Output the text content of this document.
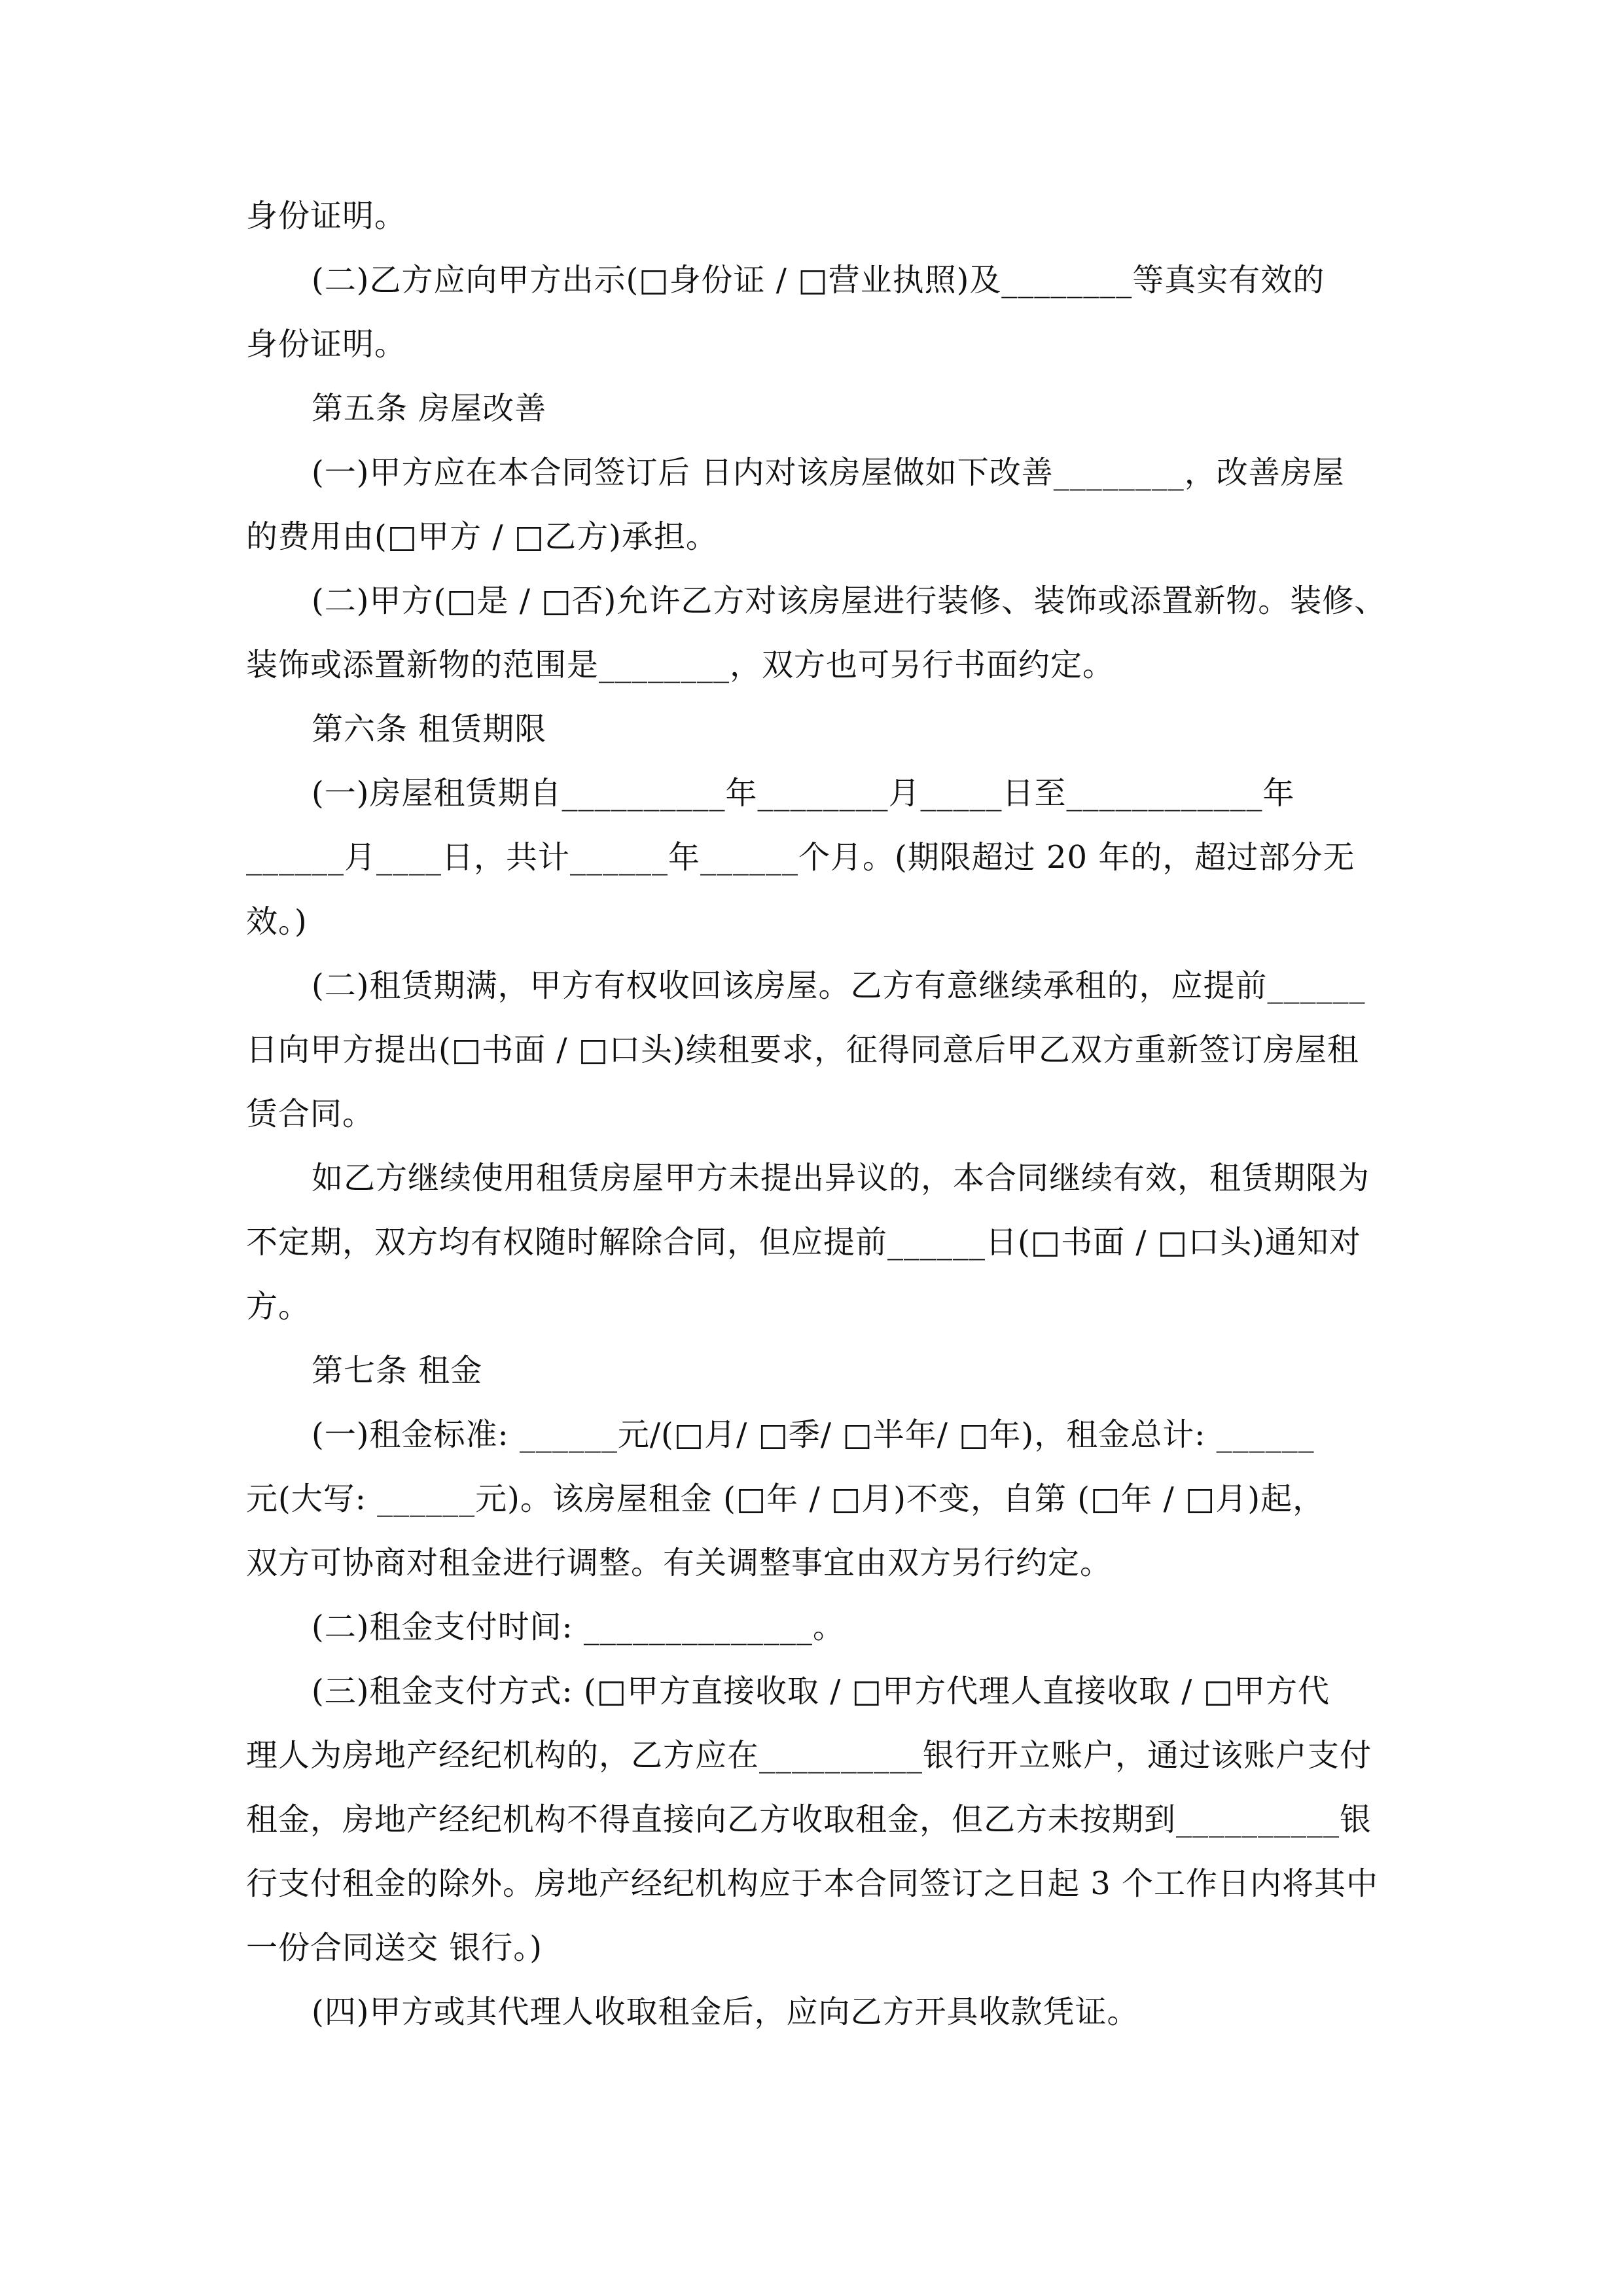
身份证明。
(二)乙方应向甲方出示(□身份证 / □营业执照)及________等真实有效的
身份证明。
第五条 房屋改善
(一)甲方应在本合同签订后 日内对该房屋做如下改善________，改善房屋
的费用由(□甲方 / □乙方)承担。
(二)甲方(□是 / □否)允许乙方对该房屋进行装修、装饰或添置新物。装修、
装饰或添置新物的范围是________，双方也可另行书面约定。
第六条 租赁期限
(一)房屋租赁期自__________年________月_____日至____________年
______月____日，共计______年______个月。(期限超过 20 年的，超过部分无
效。)
(二)租赁期满，甲方有权收回该房屋。乙方有意继续承租的，应提前______
日向甲方提出(□书面 / □口头)续租要求，征得同意后甲乙双方重新签订房屋租
赁合同。
如乙方继续使用租赁房屋甲方未提出异议的，本合同继续有效，租赁期限为
不定期，双方均有权随时解除合同，但应提前______日(□书面 / □口头)通知对
方。
第七条 租金
(一)租金标准: ______元/(□月/ □季/ □半年/ □年)，租金总计: ______
元(大写: ______元)。该房屋租金 (□年 / □月)不变，自第 (□年 / □月)起，
双方可协商对租金进行调整。有关调整事宜由双方另行约定。
(二)租金支付时间: ______________。
(三)租金支付方式: (□甲方直接收取 / □甲方代理人直接收取 / □甲方代
理人为房地产经纪机构的，乙方应在__________银行开立账户，通过该账户支付
租金，房地产经纪机构不得直接向乙方收取租金，但乙方未按期到__________银
行支付租金的除外。房地产经纪机构应于本合同签订之日起 3 个工作日内将其中
一份合同送交 银行。)
(四)甲方或其代理人收取租金后，应向乙方开具收款凭证。
